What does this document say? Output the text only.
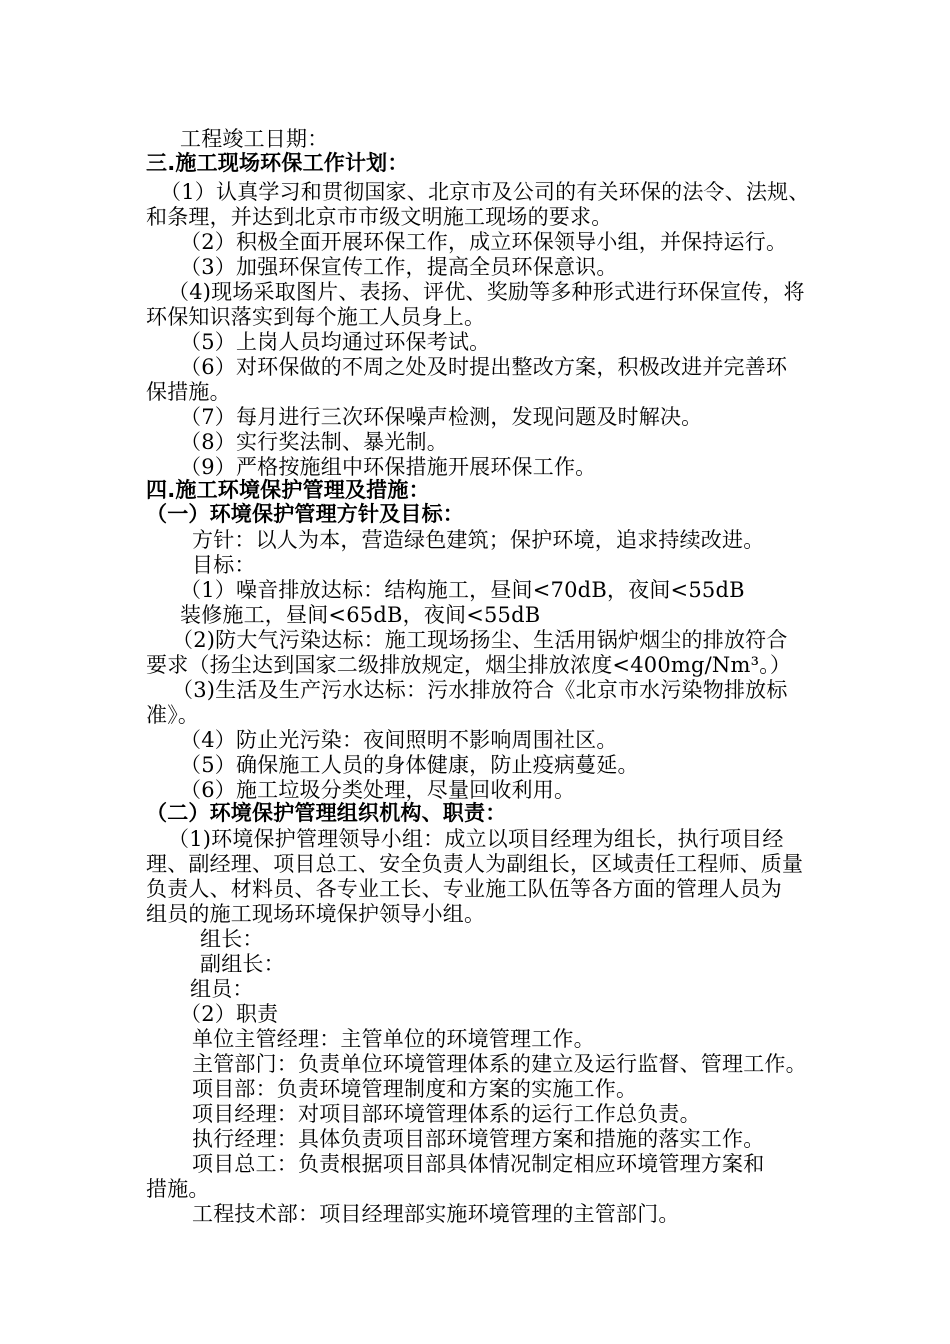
工程竣工日期：
三.施工现场环保工作计划：
（1）认真学习和贯彻国家、北京市及公司的有关环保的法令、法规、
和条理，并达到北京市市级文明施工现场的要求。
（2）积极全面开展环保工作，成立环保领导小组，并保持运行。
（3）加强环保宣传工作，提高全员环保意识。
（4)现场采取图片、表扬、评优、奖励等多种形式进行环保宣传，将
环保知识落实到每个施工人员身上。
（5）上岗人员均通过环保考试。
（6）对环保做的不周之处及时提出整改方案，积极改进并完善环
保措施。
（7）每月进行三次环保噪声检测，发现问题及时解决。
（8）实行奖法制、暴光制。
（9）严格按施组中环保措施开展环保工作。
四.施工环境保护管理及措施：
（一）环境保护管理方针及目标：
方针：以人为本，营造绿色建筑；保护环境，追求持续改进。
目标：
（1）噪音排放达标：结构施工，昼间<70dB，夜间<55dB
装修施工，昼间<65dB，夜间<55dB
（2)防大气污染达标：施工现场扬尘、生活用锅炉烟尘的排放符合
要求（扬尘达到国家二级排放规定，烟尘排放浓度<400mg/Nm³。）
（3)生活及生产污水达标：污水排放符合《北京市水污染物排放标
准》。
（4）防止光污染：夜间照明不影响周围社区。
（5）确保施工人员的身体健康，防止疫病蔓延。
（6）施工垃圾分类处理，尽量回收利用。
（二）环境保护管理组织机构、职责：
（1)环境保护管理领导小组：成立以项目经理为组长，执行项目经
理、副经理、项目总工、安全负责人为副组长，区域责任工程师、质量
负责人、材料员、各专业工长、专业施工队伍等各方面的管理人员为
组员的施工现场环境保护领导小组。
组长：
副组长：
组员：
（2）职责
单位主管经理：主管单位的环境管理工作。
主管部门：负责单位环境管理体系的建立及运行监督、管理工作。
项目部：负责环境管理制度和方案的实施工作。
项目经理：对项目部环境管理体系的运行工作总负责。
执行经理：具体负责项目部环境管理方案和措施的落实工作。
项目总工：负责根据项目部具体情况制定相应环境管理方案和
措施。
工程技术部：项目经理部实施环境管理的主管部门。
